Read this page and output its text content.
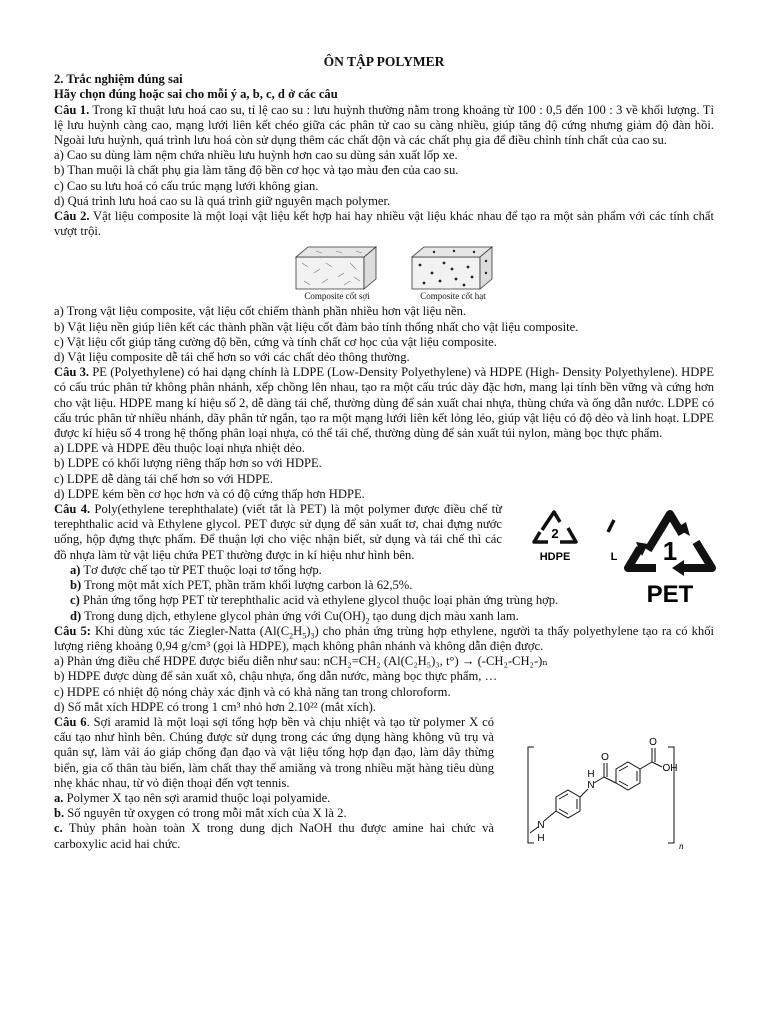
ÔN TẬP POLYMER

2. Trắc nghiệm đúng sai

Hãy chọn đúng hoặc sai cho mỗi ý a, b, c, d ở các câu

Câu 1. Trong kĩ thuật lưu hoá cao su, tỉ lệ cao su : lưu huỳnh thường nằm trong khoảng từ 100 : 0,5 đến 100 : 3 về khối lượng. Tỉ lệ lưu huỳnh càng cao, mạng lưới liên kết chéo giữa các phân tử cao su càng nhiều, giúp tăng độ cứng nhưng giảm độ đàn hồi. Ngoài lưu huỳnh, quá trình lưu hoá còn sử dụng thêm các chất độn và các chất phụ gia để điều chỉnh tính chất của cao su.

a) Cao su dùng làm nệm chứa nhiều lưu huỳnh hơn cao su dùng sản xuất lốp xe.

b) Than muội là chất phụ gia làm tăng độ bền cơ học và tạo màu đen của cao su.

c) Cao su lưu hoá có cấu trúc mạng lưới không gian.

d) Quá trình lưu hoá cao su là quá trình giữ nguyên mạch polymer.

Câu 2. Vật liệu composite là một loại vật liệu kết hợp hai hay nhiều vật liệu khác nhau để tạo ra một sản phẩm với các tính chất vượt trội.

Composite cốt sợi	Composite cốt hạt

a) Trong vật liệu composite, vật liệu cốt chiếm thành phần nhiều hơn vật liệu nền.

b) Vật liệu nền giúp liên kết các thành phần vật liệu cốt đảm bảo tính thống nhất cho vật liệu composite.

c) Vật liệu cốt giúp tăng cường độ bền, cứng và tính chất cơ học của vật liệu composite.

d) Vật liệu composite dễ tái chế hơn so với các chất dẻo thông thường.

Câu 3. PE (Polyethylene) có hai dạng chính là LDPE (Low-Density Polyethylene) và HDPE (High- Density Polyethylene). HDPE có cấu trúc phân tử không phân nhánh, xếp chồng lên nhau, tạo ra một cấu trúc dày đặc hơn, mang lại tính bền vững và cứng hơn cho vật liệu. HDPE mang kí hiệu số 2, dễ dàng tái chế, thường dùng để sản xuất chai nhựa, thùng chứa và ống dẫn nước. LDPE có cấu trúc phân tử nhiều nhánh, dãy phân tử ngắn, tạo ra một mạng lưới liên kết lỏng lẻo, giúp vật liệu có độ dẻo và linh hoạt. LDPE được kí hiệu số 4 trong hệ thống phân loại nhựa, có thể tái chế, thường dùng để sản xuất túi nylon, màng bọc thực phẩm.

a) LDPE và HDPE đều thuộc loại nhựa nhiệt dẻo.

b) LDPE có khối lượng riêng thấp hơn so với HDPE.

c) LDPE dễ dàng tái chế hơn so với HDPE.

d) LDPE kém bền cơ học hơn và có độ cứng thấp hơn HDPE.

Câu 4. Poly(ethylene terephthalate) (viết tắt là PET) là một polymer được điều chế từ terephthalic acid và Ethylene glycol. PET được sử dụng để sản xuất tơ, chai đựng nước uống, hộp đựng thực phẩm. Để thuận lợi cho việc nhận biết, sử dụng và tái chế thì các đồ nhựa làm từ vật liệu chứa PET thường được in kí hiệu như hình bên.

2
HDPE	L 1
PET

a) Tơ được chế tạo từ PET thuộc loại tơ tổng hợp.

b) Trong một mắt xích PET, phần trăm khối lượng carbon là 62,5%.

c) Phản ứng tổng hợp PET từ terephthalic acid và ethylene glycol thuộc loại phản ứng trùng hợp.

d) Trong dung dịch, ethylene glycol phản ứng với $Cu(OH)_2$ tạo dung dịch màu xanh lam.

Câu 5: Khi dùng xúc tác Ziegler-Natta $(Al(C_2H_5)_3)$ cho phản ứng trùng hợp ethylene, người ta thấy polyethylene tạo ra có khối lượng riêng khoảng 0,94 g/cm³ (gọi là HDPE), mạch không phân nhánh và không dẫn điện được.

a) Phản ứng điều chế HDPE được biểu diễn như sau: nCH₂=CH₂ (Al(C₂H₅)₃, t°) → (-CH₂-CH₂-)ₙ

b) HDPE được dùng để sản xuất xô, chậu nhựa, ống dẫn nước, màng bọc thực phẩm, …

c) HDPE có nhiệt độ nóng chảy xác định và có khả năng tan trong chloroform.

d) Số mắt xích HDPE có trong 1 cm³ nhỏ hơn 2.10²² (mắt xích).

Câu 6. Sợi aramid là một loại sợi tổng hợp bền và chịu nhiệt và tạo từ polymer X có cấu tạo như hình bên. Chúng được sử dụng trong các ứng dụng hàng không vũ trụ và quân sự, làm vải áo giáp chống đạn đạo và vật liệu tổng hợp đạn đạo, làm dây thừng biển, gia cố thân tàu biển, làm chất thay thế amiăng và trong nhiều mặt hàng tiêu dùng nhẹ khác nhau, từ vỏ điện thoại đến vợt tennis.

a. Polymer X tạo nên sợi aramid thuộc loại polyamide.

b. Số nguyên tử oxygen có trong mỗi mắt xích của X là 2.

c. Thủy phân hoàn toàn X trong dung dịch NaOH thu được amine hai chức và carboxylic acid hai chức.

O
OH
O
N
H
N
H
n
